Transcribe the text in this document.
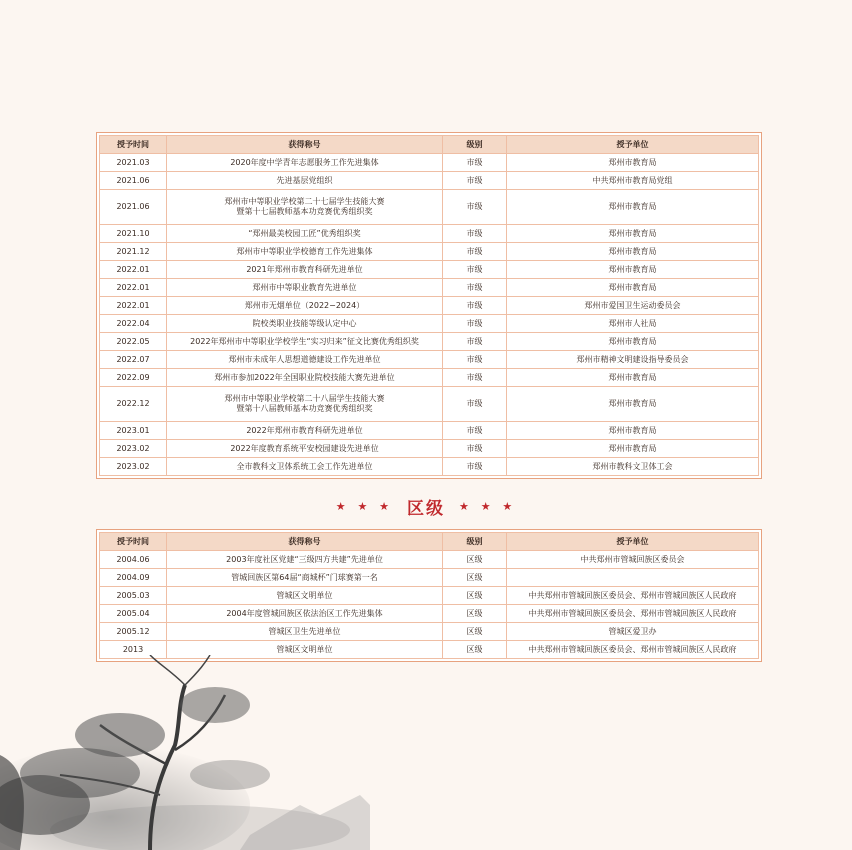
授予时间	获得称号	级别	授予单位
2021.03	2020年度中学青年志愿服务工作先进集体	市级	郑州市教育局
2021.06	先进基层党组织	市级	中共郑州市教育局党组
2021.06	郑州市中等职业学校第二十七届学生技能大赛
暨第十七届教师基本功竞赛优秀组织奖	市级	郑州市教育局
2021.10	“郑州最美校园工匠”优秀组织奖	市级	郑州市教育局
2021.12	郑州市中等职业学校德育工作先进集体	市级	郑州市教育局
2022.01	2021年郑州市教育科研先进单位	市级	郑州市教育局
2022.01	郑州市中等职业教育先进单位	市级	郑州市教育局
2022.01	郑州市无烟单位（2022−2024）	市级	郑州市爱国卫生运动委员会
2022.04	院校类职业技能等级认定中心	市级	郑州市人社局
2022.05	2022年郑州市中等职业学校学生“实习归来”征文比赛优秀组织奖	市级	郑州市教育局
2022.07	郑州市未成年人思想道德建设工作先进单位	市级	郑州市精神文明建设指导委员会
2022.09	郑州市参加2022年全国职业院校技能大赛先进单位	市级	郑州市教育局
2022.12	郑州市中等职业学校第二十八届学生技能大赛
暨第十八届教师基本功竞赛优秀组织奖	市级	郑州市教育局
2023.01	2022年郑州市教育科研先进单位	市级	郑州市教育局
2023.02	2022年度教育系统平安校园建设先进单位	市级	郑州市教育局
2023.02	全市教科文卫体系统工会工作先进单位	市级	郑州市教科文卫体工会
★ ★ ★ 区级 ★ ★ ★
授予时间	获得称号	级别	授予单位
2004.06	2003年度社区党建“三级四方共建”先进单位	区级	中共郑州市管城回族区委员会
2004.09	管城回族区第64届“商城杯”门球赛第一名	区级	
2005.03	管城区文明单位	区级	中共郑州市管城回族区委员会、郑州市管城回族区人民政府
2005.04	2004年度管城回族区依法治区工作先进集体	区级	中共郑州市管城回族区委员会、郑州市管城回族区人民政府
2005.12	管城区卫生先进单位	区级	管城区爱卫办
2013	管城区文明单位	区级	中共郑州市管城回族区委员会、郑州市管城回族区人民政府
